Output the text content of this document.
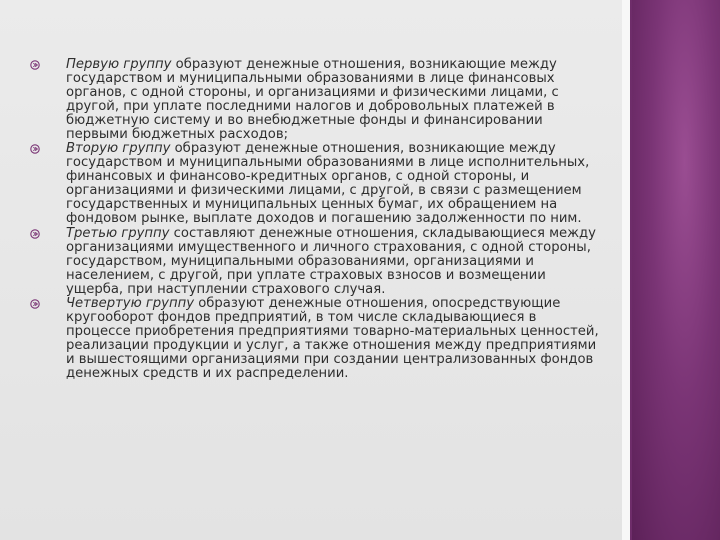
Первую группу образуют денежные отношения, возникающие между государством и муниципальными образованиями в лице финансовых органов, с одной стороны, и организациями и физическими лицами, с другой, при уплате последними налогов и добровольных платежей в бюджетную систему и во внебюджетные фонды и финансировании первыми бюджетных расходов;
Вторую группу образуют денежные отношения, возникающие между государством и муниципальными образованиями в лице исполнительных, финансовых и финансово-кредитных органов, с одной стороны, и организациями и физическими лицами, с другой, в связи с размещением государственных и муниципальных ценных бумаг, их обращением на фондовом рынке, выплате доходов и погашению задолженности по ним.
Третью группу составляют денежные отношения, складывающиеся между организациями имущественного и личного страхования, с одной стороны, государством, муниципальными образованиями, организациями и населением, с другой, при уплате страховых взносов и возмещении ущерба, при наступлении страхового случая.
Четвертую группу образуют денежные отношения, опосредствующие кругооборот фондов предприятий, в том числе складывающиеся в процессе приобретения предприятиями товарно-материальных ценностей, реализации продукции и услуг, а также отношения между предприятиями и вышестоящими организациями при создании централизованных фондов денежных средств и их распределении.
